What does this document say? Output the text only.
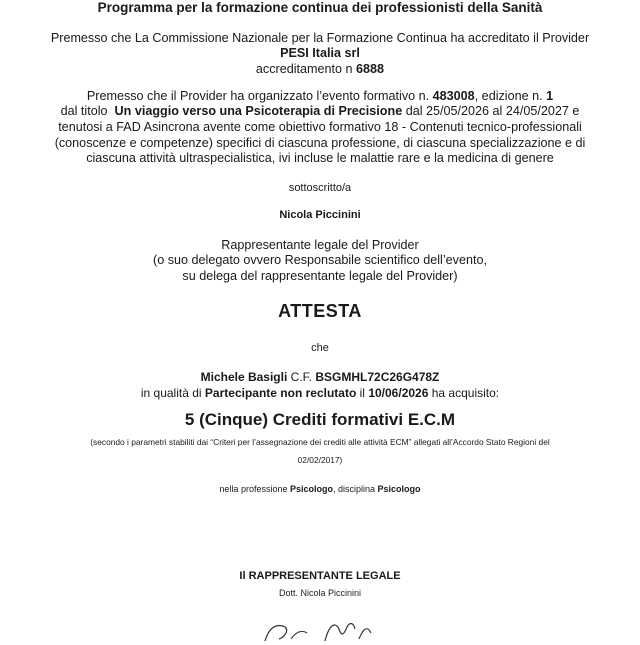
Programma per la formazione continua dei professionisti della Sanità
Premesso che La Commissione Nazionale per la Formazione Continua ha accreditato il Provider
PESI Italia srl
accreditamento n 6888
Premesso che il Provider ha organizzato l’evento formativo n. 483008, edizione n. 1
dal titolo Un viaggio verso una Psicoterapia di Precisione dal 25/05/2026 al 24/05/2027 e
tenutosi a FAD Asincrona avente come obiettivo formativo 18 - Contenuti tecnico-professionali
(conoscenze e competenze) specifici di ciascuna professione, di ciascuna specializzazione e di
ciascuna attività ultraspecialistica, ivi incluse le malattie rare e la medicina di genere
sottoscritto/a
Nicola Piccinini
Rappresentante legale del Provider
(o suo delegato ovvero Responsabile scientifico dell’evento,
su delega del rappresentante legale del Provider)
ATTESTA
che
Michele Basigli C.F. BSGMHL72C26G478Z
in qualità di Partecipante non reclutato il 10/06/2026 ha acquisito:
5 (Cinque) Crediti formativi E.C.M
(secondo i parametri stabiliti dai “Criteri per l’assegnazione dei crediti alle attività ECM” allegati all’Accordo Stato Regioni del
02/02/2017)
nella professione Psicologo, disciplina Psicologo
Il RAPPRESENTANTE LEGALE
Dott. Nicola Piccinini
